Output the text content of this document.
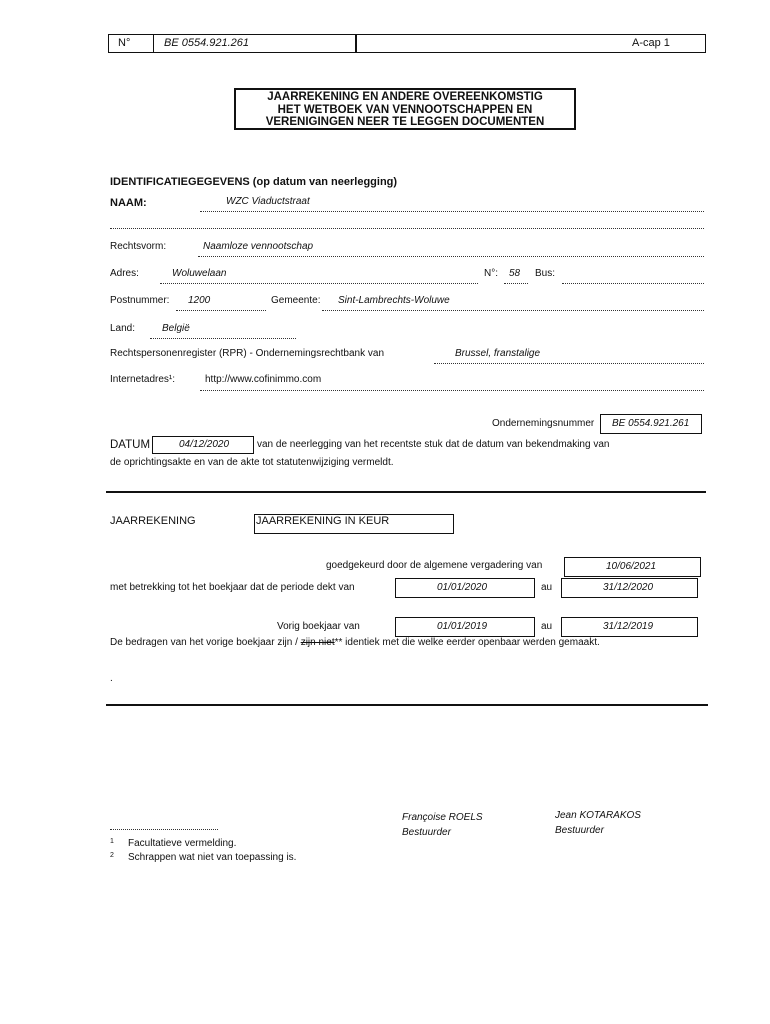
N°	BE 0554.921.261	A-cap 1
JAARREKENING EN ANDERE OVEREENKOMSTIG
HET WETBOEK VAN VENNOOTSCHAPPEN EN
VERENIGINGEN NEER TE LEGGEN DOCUMENTEN
IDENTIFICATIEGEGEVENS (op datum van neerlegging)
NAAM:	WZC Viaductstraat
Rechtsvorm:	Naamloze vennootschap
Adres:	Woluwelaan	N°: 58 Bus:
Postnummer: 1200	Gemeente: Sint-Lambrechts-Woluwe
Land:	België
Rechtspersonenregister (RPR) - Ondernemingsrechtbank van	Brussel, franstalige
Internetadres¹:	http://www.cofinimmo.com
Ondernemingsnummer BE 0554.921.261
DATUM	04/12/2020	van de neerlegging van het recentste stuk dat de datum van bekendmaking van
de oprichtingsakte en van de akte tot statutenwijziging vermeldt.
JAARREKENING	JAARREKENING IN KEUR
goedgekeurd door de algemene vergadering van	10/06/2021
met betrekking tot het boekjaar dat de periode dekt van	01/01/2020	au	31/12/2020
Vorig boekjaar van	01/01/2019	au	31/12/2019
De bedragen van het vorige boekjaar zijn / zijn niet** identiek met die welke eerder openbaar werden gemaakt.
.
Françoise ROELS
Bestuurder
Jean KOTARAKOS
Bestuurder
1 Facultatieve vermelding.
2 Schrappen wat niet van toepassing is.
